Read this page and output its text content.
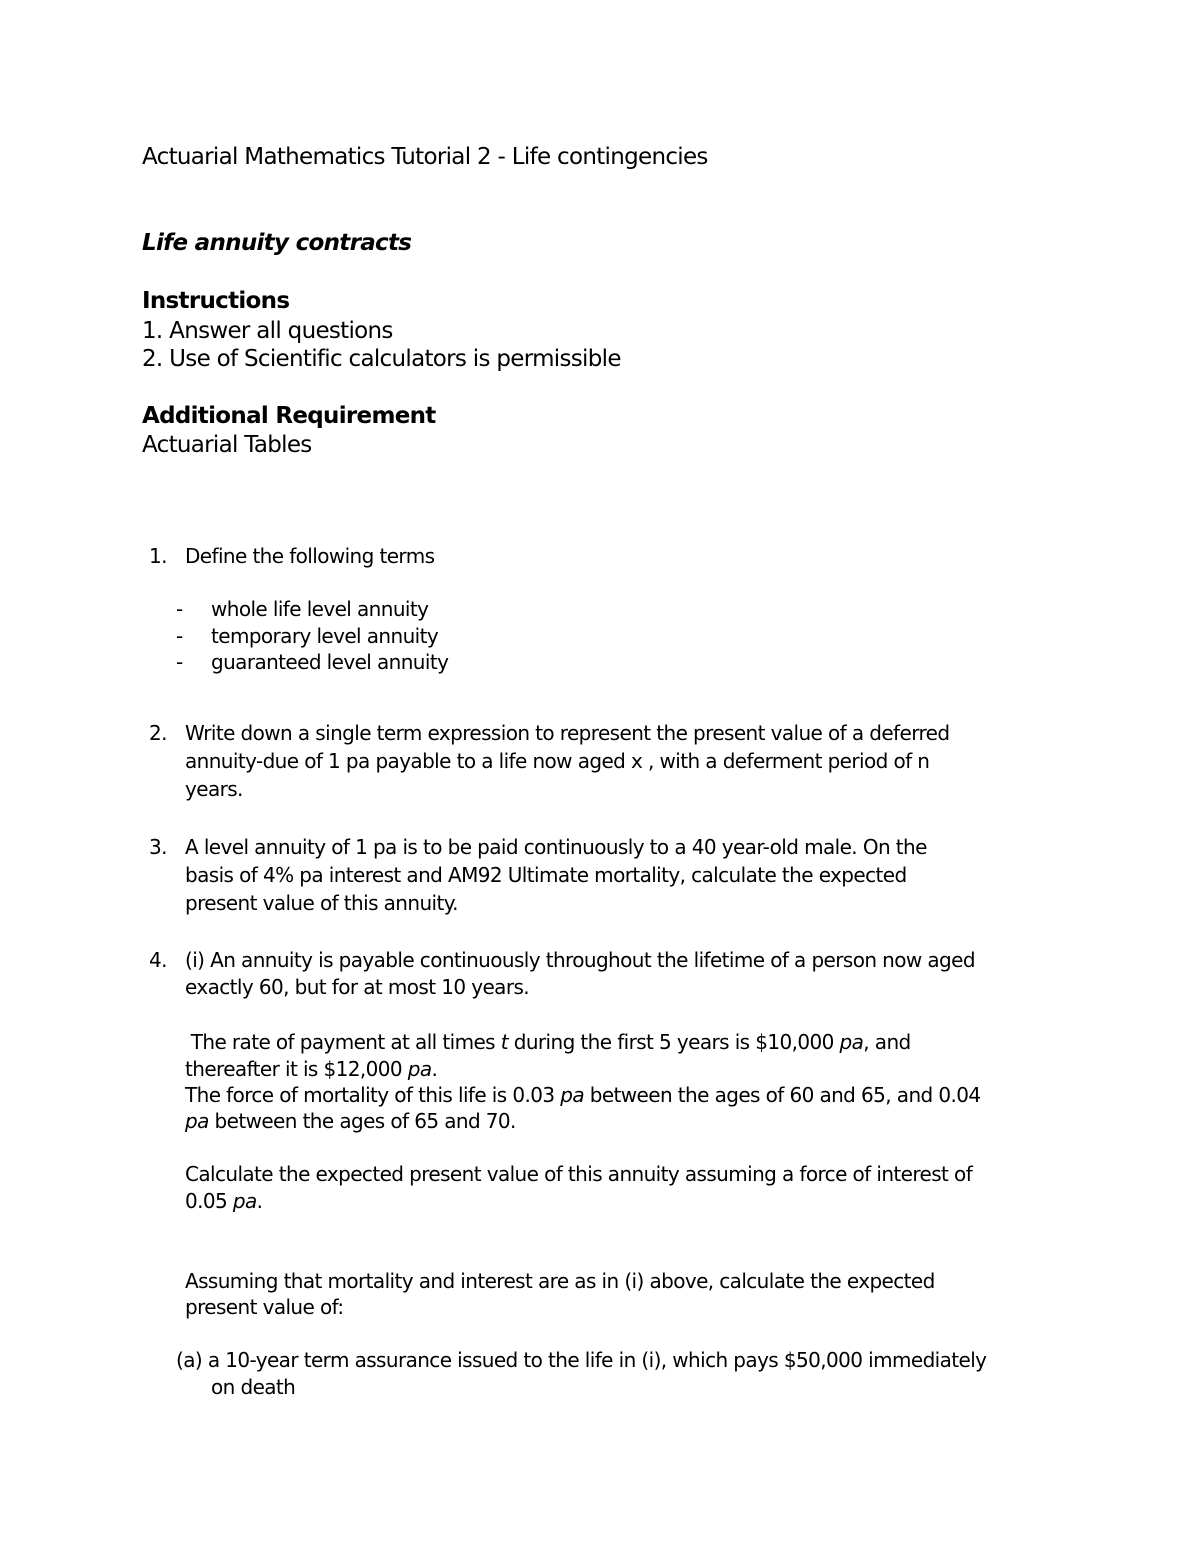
Actuarial Mathematics Tutorial 2 - Life contingencies
Life annuity contracts
Instructions
1. Answer all questions
2. Use of Scientific calculators is permissible
Additional Requirement
Actuarial Tables
1. Define the following terms
- whole life level annuity
- temporary level annuity
- guaranteed level annuity
2. Write down a single term expression to represent the present value of a deferred
annuity-due of 1 pa payable to a life now aged x , with a deferment period of n
years.
3. A level annuity of 1 pa is to be paid continuously to a 40 year-old male. On the
basis of 4% pa interest and AM92 Ultimate mortality, calculate the expected
present value of this annuity.
4. (i) An annuity is payable continuously throughout the lifetime of a person now aged
exactly 60, but for at most 10 years.
The rate of payment at all times t during the first 5 years is $10,000 pa, and
thereafter it is $12,000 pa.
The force of mortality of this life is 0.03 pa between the ages of 60 and 65, and 0.04
pa between the ages of 65 and 70.
Calculate the expected present value of this annuity assuming a force of interest of
0.05 pa.
Assuming that mortality and interest are as in (i) above, calculate the expected
present value of:
(a) a 10-year term assurance issued to the life in (i), which pays $50,000 immediately
on death
